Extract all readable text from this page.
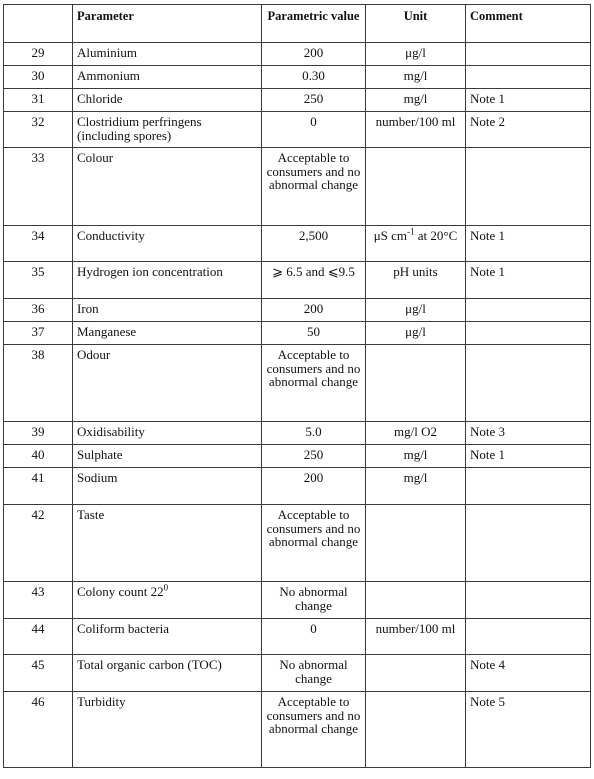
	Parameter	Parametric value	Unit	Comment
29	Aluminium	200	μg/l	
30	Ammonium	0.30	mg/l	
31	Chloride	250	mg/l	Note 1
32	Clostridium perfringens (including spores)	0	number/100 ml	Note 2
33	Colour	Acceptable to consumers and no abnormal change		
34	Conductivity	2,500	μS $cm^{-1}$ at 20°C	Note 1
35	Hydrogen ion concentration	⩾ 6.5 and ⩽9.5	pH units	Note 1
36	Iron	200	μg/l	
37	Manganese	50	μg/l	
38	Odour	Acceptable to consumers and no abnormal change		
39	Oxidisability	5.0	mg/l O2	Note 3
40	Sulphate	250	mg/l	Note 1
41	Sodium	200	mg/l	
42	Taste	Acceptable to consumers and no abnormal change		
43	Colony count $22^0$	No abnormal change		
44	Coliform bacteria	0	number/100 ml	
45	Total organic carbon (TOC)	No abnormal change		Note 4
46	Turbidity	Acceptable to consumers and no abnormal change		Note 5
